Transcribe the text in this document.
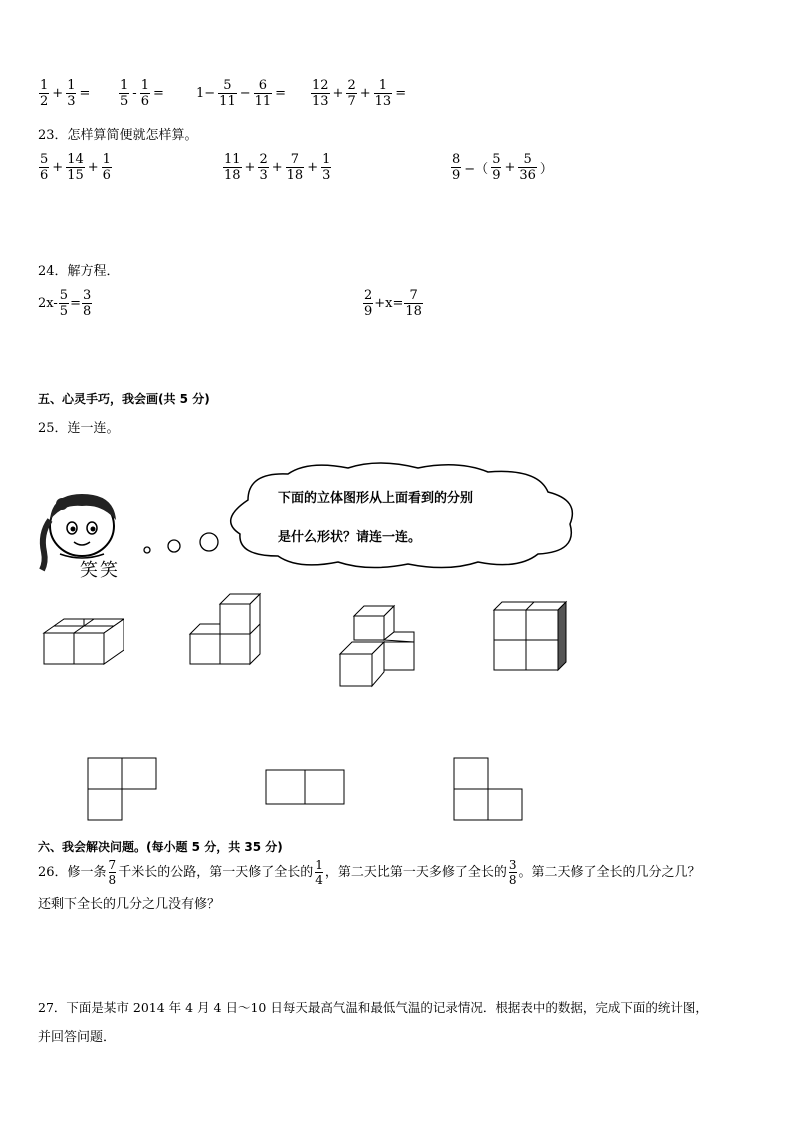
$\frac{1}{2} + \frac{1}{3} = \frac{1}{5} - \frac{1}{6} = 1- \frac{5}{11} - \frac{6}{11} = \frac{12}{13} + \frac{2}{7} + \frac{1}{13}$ =
23．怎样算简便就怎样算。
$\frac{5}{6} + \frac{14}{15} + \frac{1}{6}$	$\frac{11}{18} + \frac{2}{3} + \frac{7}{18} + \frac{1}{3}$	$\frac{8}{9}$ −（ $\frac{5}{9} + \frac{5}{36}$ ）
24．解方程．
$2x- \frac{5}{5} = \frac{3}{8}$	$\frac{2}{9} +x= \frac{7}{18}$
五、心灵手巧，我会画(共 5 分)
25．连一连。
笑笑
下面的立体图形从上面看到的分别
是什么形状？请连一连。
六、我会解决问题。(每小题 5 分，共 35 分)
26．修一条 7
8
千米长的公路，第一天修了全长的 1
4
，第二天比第一天多修了全长的 3
8
。第二天修了全长的几分之几？
还剩下全长的几分之几没有修？
27．下面是某市 2014 年 4 月 4 日～10 日每天最高气温和最低气温的记录情况．根据表中的数据，完成下面的统计图，
并回答问题．
